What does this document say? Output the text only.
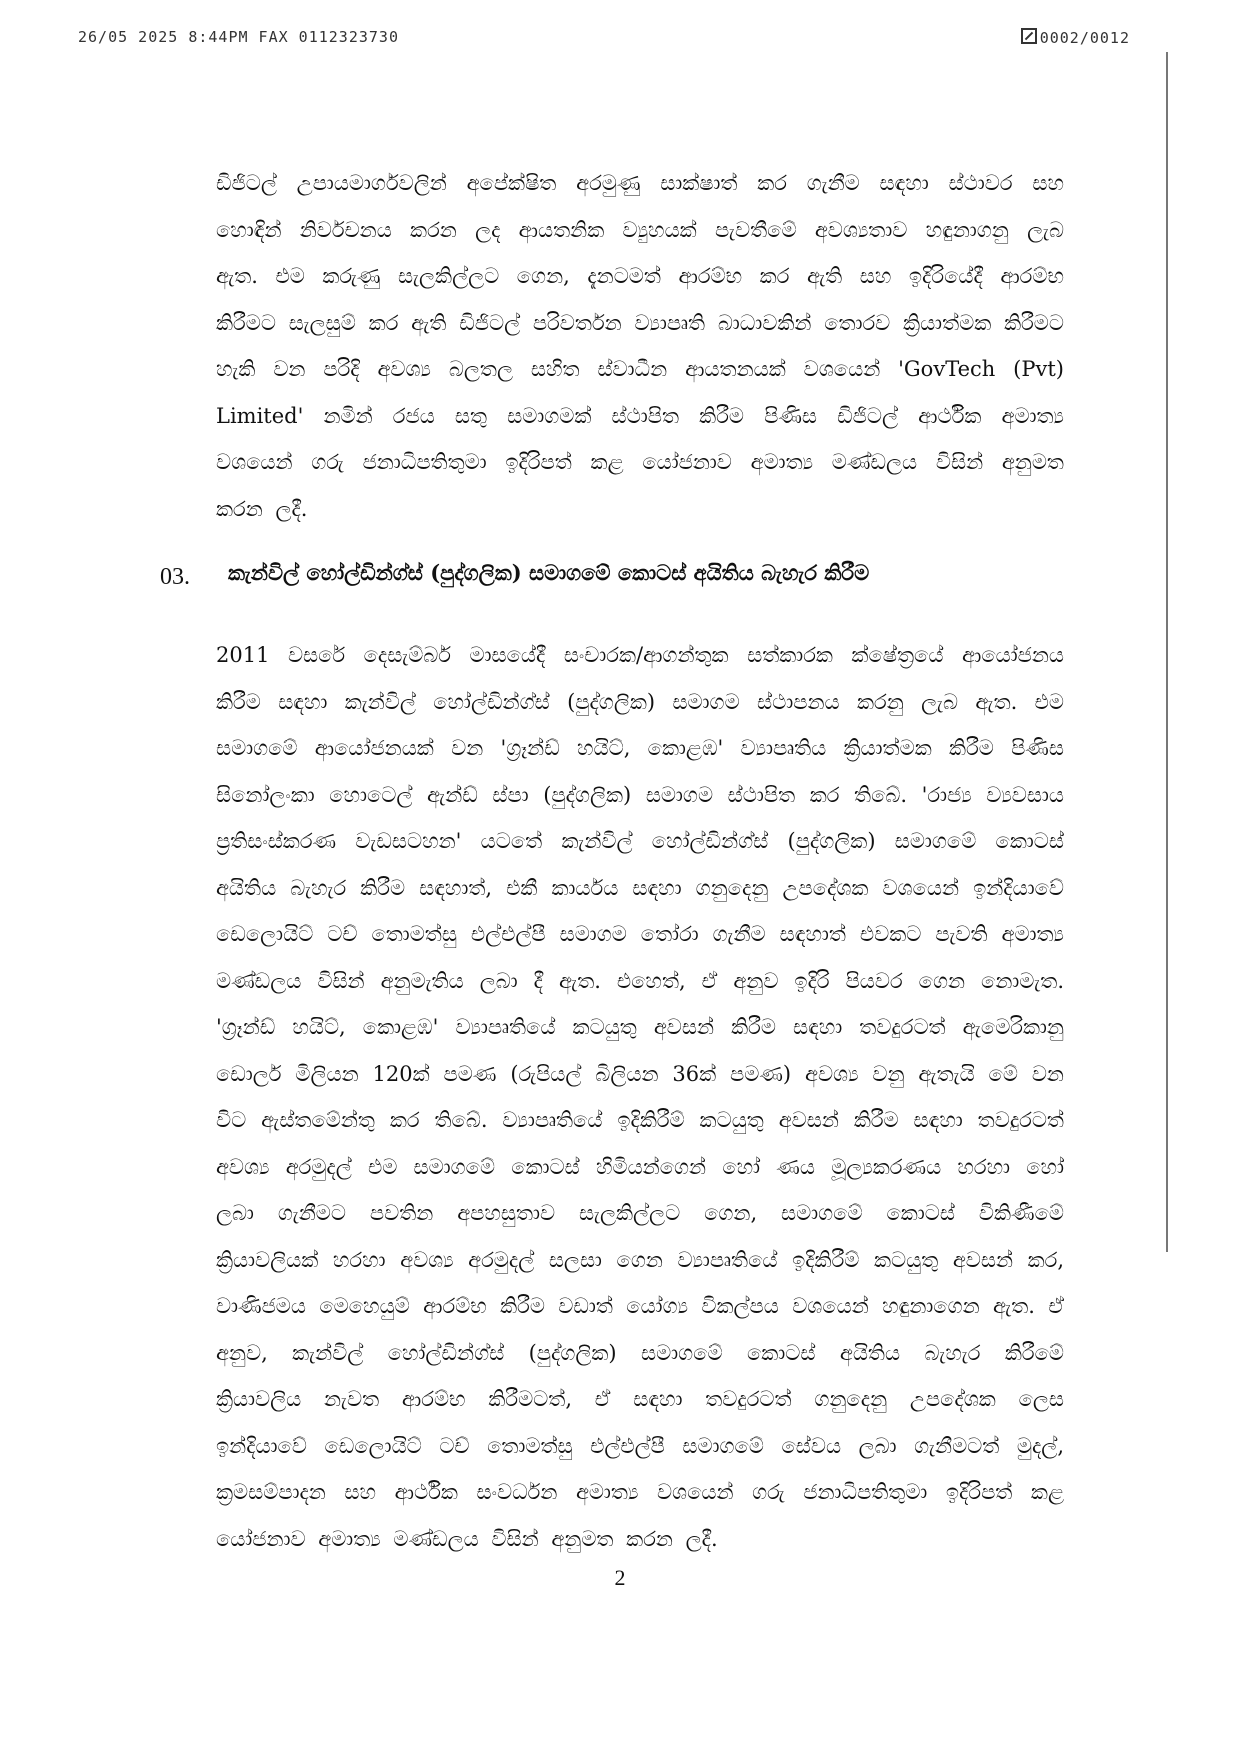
26/05 2025 8:44PM FAX 0112323730	0002/0012

ඩිජිටල් උපායමාර්ගවලින් අපේක්ෂිත අරමුණු සාක්ෂාත් කර ගැනීම සඳහා ස්ථාවර සහ හොඳින් නිර්වචනය කරන ලද ආයතනික ව්‍යුහයක් පැවතීමේ අවශ්‍යතාව හඳුනාගනු ලැබ ඇත. එම කරුණු සැලකිල්ලට ගෙන, දැනටමත් ආරම්භ කර ඇති සහ ඉදිරියේදී ආරම්භ කිරීමට සැලසුම් කර ඇති ඩිජිටල් පරිවර්තන ව්‍යාපෘති බාධාවකින් තොරව ක්‍රියාත්මක කිරීමට හැකි වන පරිදි අවශ්‍ය බලතල සහිත ස්වාධීන ආයතනයක් වශයෙන් 'GovTech (Pvt) Limited' නමින් රජය සතු සමාගමක් ස්ථාපිත කිරීම පිණිස ඩිජිටල් ආර්ථික අමාත්‍ය වශයෙන් ගරු ජනාධිපතිතුමා ඉදිරිපත් කළ යෝජනාව අමාත්‍ය මණ්ඩලය විසින් අනුමත කරන ලදී.

03. කැන්විල් හෝල්ඩින්ග්ස් (පුද්ගලික) සමාගමේ කොටස් අයිතිය බැහැර කිරීම

2011 වසරේ දෙසැම්බර් මාසයේදී සංචාරක/ආගන්තුක සත්කාරක ක්ෂේත්‍රයේ ආයෝජනය කිරීම සඳහා කැන්විල් හෝල්ඩින්ග්ස් (පුද්ගලික) සමාගම ස්ථාපනය කරනු ලැබ ඇත. එම සමාගමේ ආයෝජනයක් වන 'ග්‍රෑන්ඩ් හයිට්, කොළඹ' ව්‍යාපෘතිය ක්‍රියාත්මක කිරීම පිණිස සිනෝලංකා හොටෙල් ඇන්ඩ් ස්පා (පුද්ගලික) සමාගම ස්ථාපිත කර තිබේ. 'රාජ්‍ය ව්‍යවසාය ප්‍රතිසංස්කරණ වැඩසටහන' යටතේ කැන්විල් හෝල්ඩින්ග්ස් (පුද්ගලික) සමාගමේ කොටස් අයිතිය බැහැර කිරීම සඳහාත්, එකී කාර්යය සඳහා ගනුදෙනු උපදේශක වශයෙන් ඉන්දියාවේ ඩෙලොයිට් ටච් තොමත්සු එල්එල්පී සමාගම තෝරා ගැනීම සඳහාත් එවකට පැවති අමාත්‍ය මණ්ඩලය විසින් අනුමැතිය ලබා දී ඇත. එහෙත්, ඒ අනුව ඉදිරි පියවර ගෙන නොමැත. 'ග්‍රෑන්ඩ් හයිට්, කොළඹ' ව්‍යාපෘතියේ කටයුතු අවසන් කිරීම සඳහා තවදුරටත් ඇමෙරිකානු ඩොලර් මිලියන 120ක් පමණ (රුපියල් බිලියන 36ක් පමණ) අවශ්‍ය වනු ඇතැයි මේ වන විට ඇස්තමේන්තු කර තිබේ. ව්‍යාපෘතියේ ඉදිකිරීම් කටයුතු අවසන් කිරීම සඳහා තවදුරටත් අවශ්‍ය අරමුදල් එම සමාගමේ කොටස් හිමියන්ගෙන් හෝ ණය මූල්‍යකරණය හරහා හෝ ලබා ගැනීමට පවතින අපහසුතාව සැලකිල්ලට ගෙන, සමාගමේ කොටස් විකිණීමේ ක්‍රියාවලියක් හරහා අවශ්‍ය අරමුදල් සලසා ගෙන ව්‍යාපෘතියේ ඉදිකිරීම් කටයුතු අවසන් කර, වාණිජමය මෙහෙයුම් ආරම්භ කිරීම වඩාත් යෝග්‍ය විකල්පය වශයෙන් හඳුනාගෙන ඇත. ඒ අනුව, කැන්විල් හෝල්ඩින්ග්ස් (පුද්ගලික) සමාගමේ කොටස් අයිතිය බැහැර කිරීමේ ක්‍රියාවලිය නැවත ආරම්භ කිරීමටත්, ඒ සඳහා තවදුරටත් ගනුදෙනු උපදේශක ලෙස ඉන්දියාවේ ඩෙලොයිට් ටච් තොමත්සු එල්එල්පී සමාගමේ සේවය ලබා ගැනීමටත් මුදල්, ක්‍රමසම්පාදන සහ ආර්ථික සංවර්ධන අමාත්‍ය වශයෙන් ගරු ජනාධිපතිතුමා ඉදිරිපත් කළ යෝජනාව අමාත්‍ය මණ්ඩලය විසින් අනුමත කරන ලදී.

2
